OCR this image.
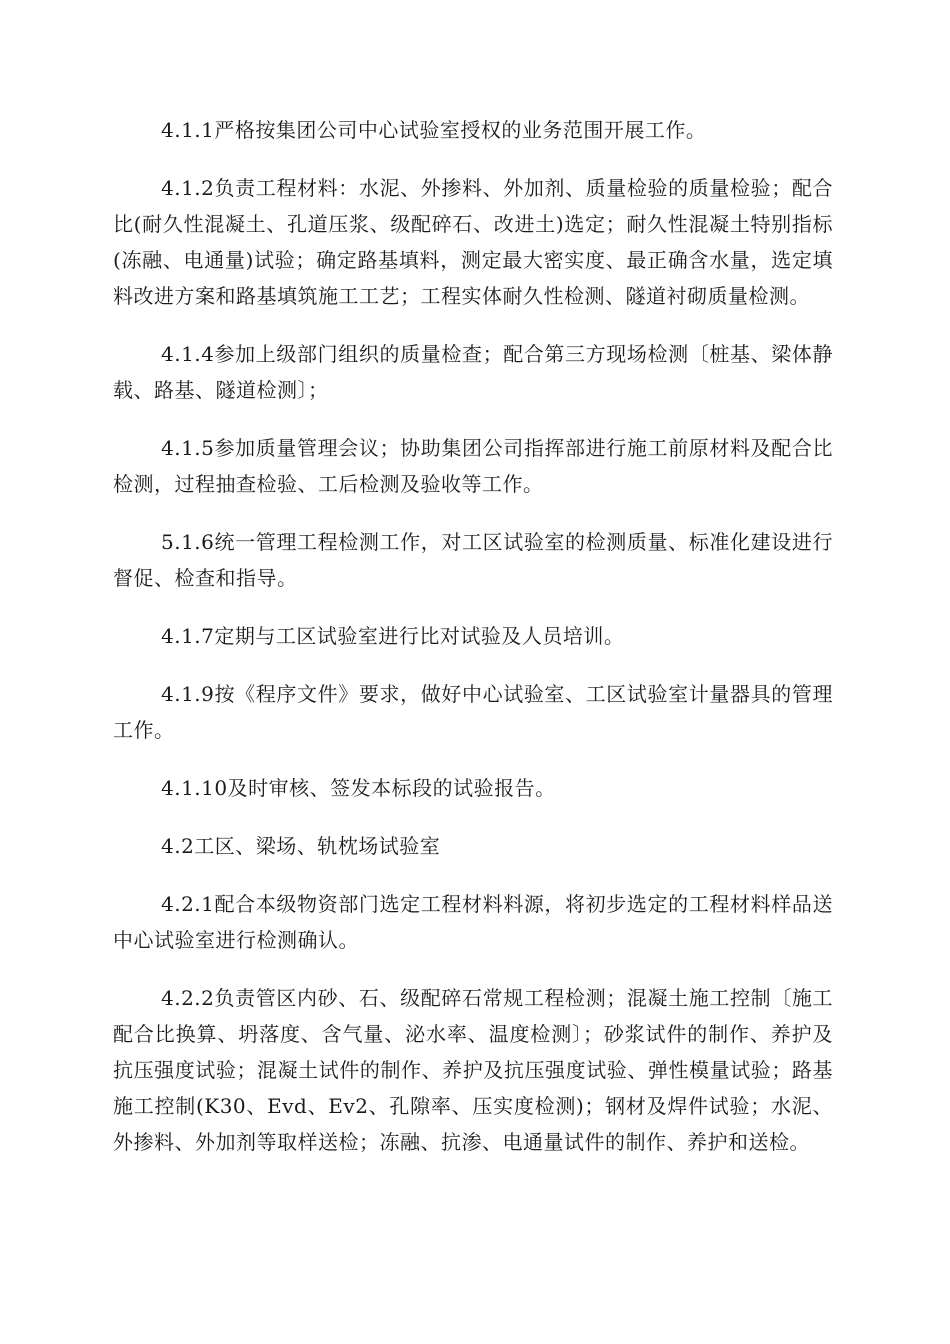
4.1.1严格按集团公司中心试验室授权的业务范围开展工作。

4.1.2负责工程材料：水泥、外掺料、外加剂、质量检验的质量检验；配合比(耐久性混凝土、孔道压浆、级配碎石、改进土)选定；耐久性混凝土特别指标(冻融、电通量)试验；确定路基填料，测定最大密实度、最正确含水量，选定填料改进方案和路基填筑施工工艺；工程实体耐久性检测、隧道衬砌质量检测。

4.1.4参加上级部门组织的质量检查；配合第三方现场检测〔桩基、梁体静载、路基、隧道检测〕；

4.1.5参加质量管理会议；协助集团公司指挥部进行施工前原材料及配合比检测，过程抽查检验、工后检测及验收等工作。

5.1.6统一管理工程检测工作，对工区试验室的检测质量、标准化建设进行督促、检查和指导。

4.1.7定期与工区试验室进行比对试验及人员培训。

4.1.9按《程序文件》要求，做好中心试验室、工区试验室计量器具的管理工作。

4.1.10及时审核、签发本标段的试验报告。

4.2工区、梁场、轨枕场试验室

4.2.1配合本级物资部门选定工程材料料源，将初步选定的工程材料样品送中心试验室进行检测确认。

4.2.2负责管区内砂、石、级配碎石常规工程检测；混凝土施工控制〔施工配合比换算、坍落度、含气量、泌水率、温度检测〕；砂浆试件的制作、养护及抗压强度试验；混凝土试件的制作、养护及抗压强度试验、弹性模量试验；路基施工控制(K30、Evd、Ev2、孔隙率、压实度检测)；钢材及焊件试验；水泥、外掺料、外加剂等取样送检；冻融、抗渗、电通量试件的制作、养护和送检。
